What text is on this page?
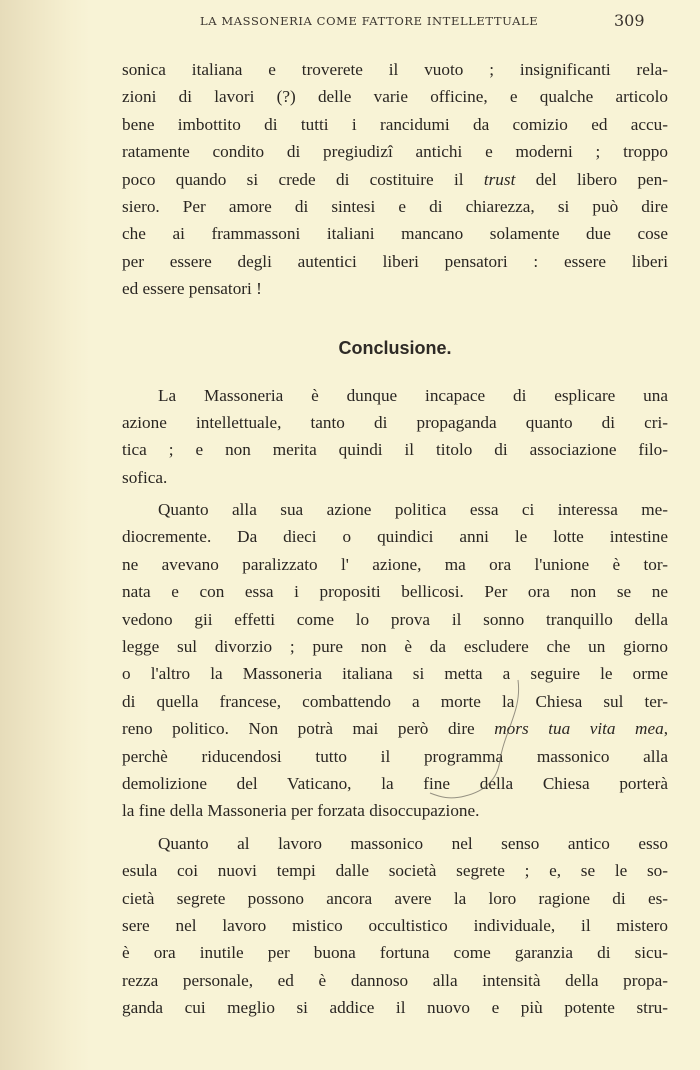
LA MASSONERIA COME FATTORE INTELLETTUALE	309
sonica italiana e troverete il vuoto ; insignificanti rela-
zioni di lavori (?) delle varie officine, e qualche articolo
bene imbottito di tutti i rancidumi da comizio ed accu-
ratamente condito di pregiudizî antichi e moderni ; troppo
poco quando si crede di costituire il trust del libero pen-
siero. Per amore di sintesi e di chiarezza, si può dire
che ai frammassoni italiani mancano solamente due cose
per essere degli autentici liberi pensatori : essere liberi
ed essere pensatori !
Conclusione.
La Massoneria è dunque incapace di esplicare una
azione intellettuale, tanto di propaganda quanto di cri-
tica ; e non merita quindi il titolo di associazione filo-
sofica.
Quanto alla sua azione politica essa ci interessa me-
diocremente. Da dieci o quindici anni le lotte intestine
ne avevano paralizzato l' azione, ma ora l'unione è tor-
nata e con essa i propositi bellicosi. Per ora non se ne
vedono gii effetti come lo prova il sonno tranquillo della
legge sul divorzio ; pure non è da escludere che un giorno
o l'altro la Massoneria italiana si metta a seguire le orme
di quella francese, combattendo a morte la Chiesa sul ter-
reno politico. Non potrà mai però dire mors tua vita mea,
perchè riducendosi tutto il programma massonico alla
demolizione del Vaticano, la fine della Chiesa porterà
la fine della Massoneria per forzata disoccupazione.
Quanto al lavoro massonico nel senso antico esso
esula coi nuovi tempi dalle società segrete ; e, se le so-
cietà segrete possono ancora avere la loro ragione di es-
sere nel lavoro mistico occultistico individuale, il mistero
è ora inutile per buona fortuna come garanzia di sicu-
rezza personale, ed è dannoso alla intensità della propa-
ganda cui meglio si addice il nuovo e più potente stru-
